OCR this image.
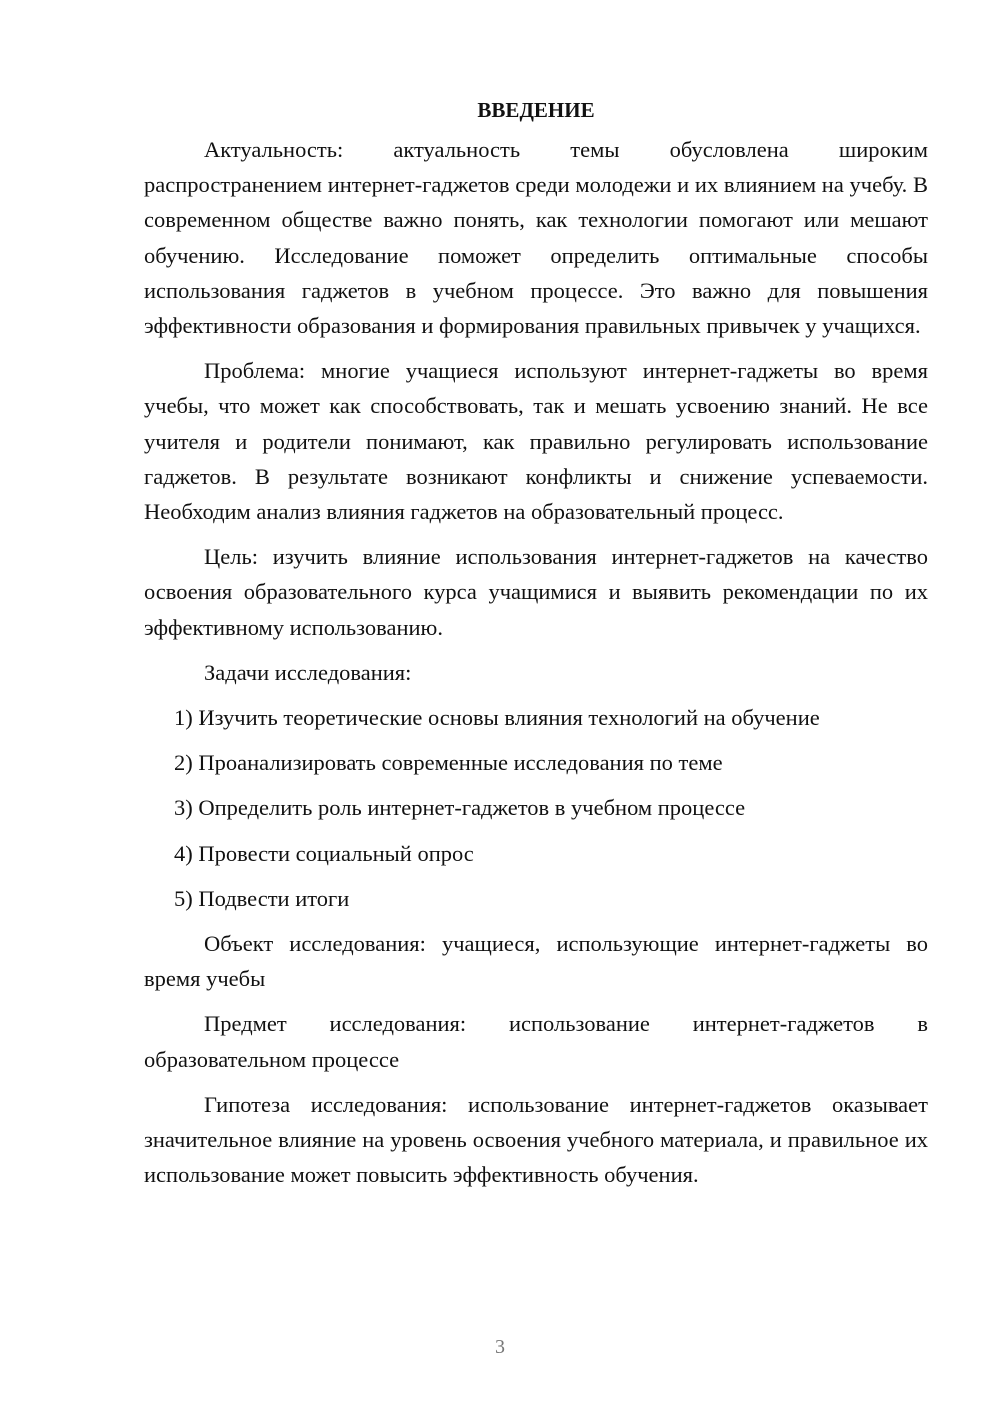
ВВЕДЕНИЕ

Актуальность: актуальность темы обусловлена широким распространением интернет-гаджетов среди молодежи и их влиянием на учебу. В современном обществе важно понять, как технологии помогают или мешают обучению. Исследование поможет определить оптимальные способы использования гаджетов в учебном процессе. Это важно для повышения эффективности образования и формирования правильных привычек у учащихся.

Проблема: многие учащиеся используют интернет-гаджеты во время учебы, что может как способствовать, так и мешать усвоению знаний. Не все учителя и родители понимают, как правильно регулировать использование гаджетов. В результате возникают конфликты и снижение успеваемости. Необходим анализ влияния гаджетов на образовательный процесс.

Цель: изучить влияние использования интернет-гаджетов на качество освоения образовательного курса учащимися и выявить рекомендации по их эффективному использованию.

Задачи исследования:

1) Изучить теоретические основы влияния технологий на обучение
2) Проанализировать современные исследования по теме
3) Определить роль интернет-гаджетов в учебном процессе
4) Провести социальный опрос
5) Подвести итоги

Объект исследования: учащиеся, использующие интернет-гаджеты во время учебы

Предмет исследования: использование интернет-гаджетов в образовательном процессе

Гипотеза исследования: использование интернет-гаджетов оказывает значительное влияние на уровень освоения учебного материала, и правильное их использование может повысить эффективность обучения.

3
